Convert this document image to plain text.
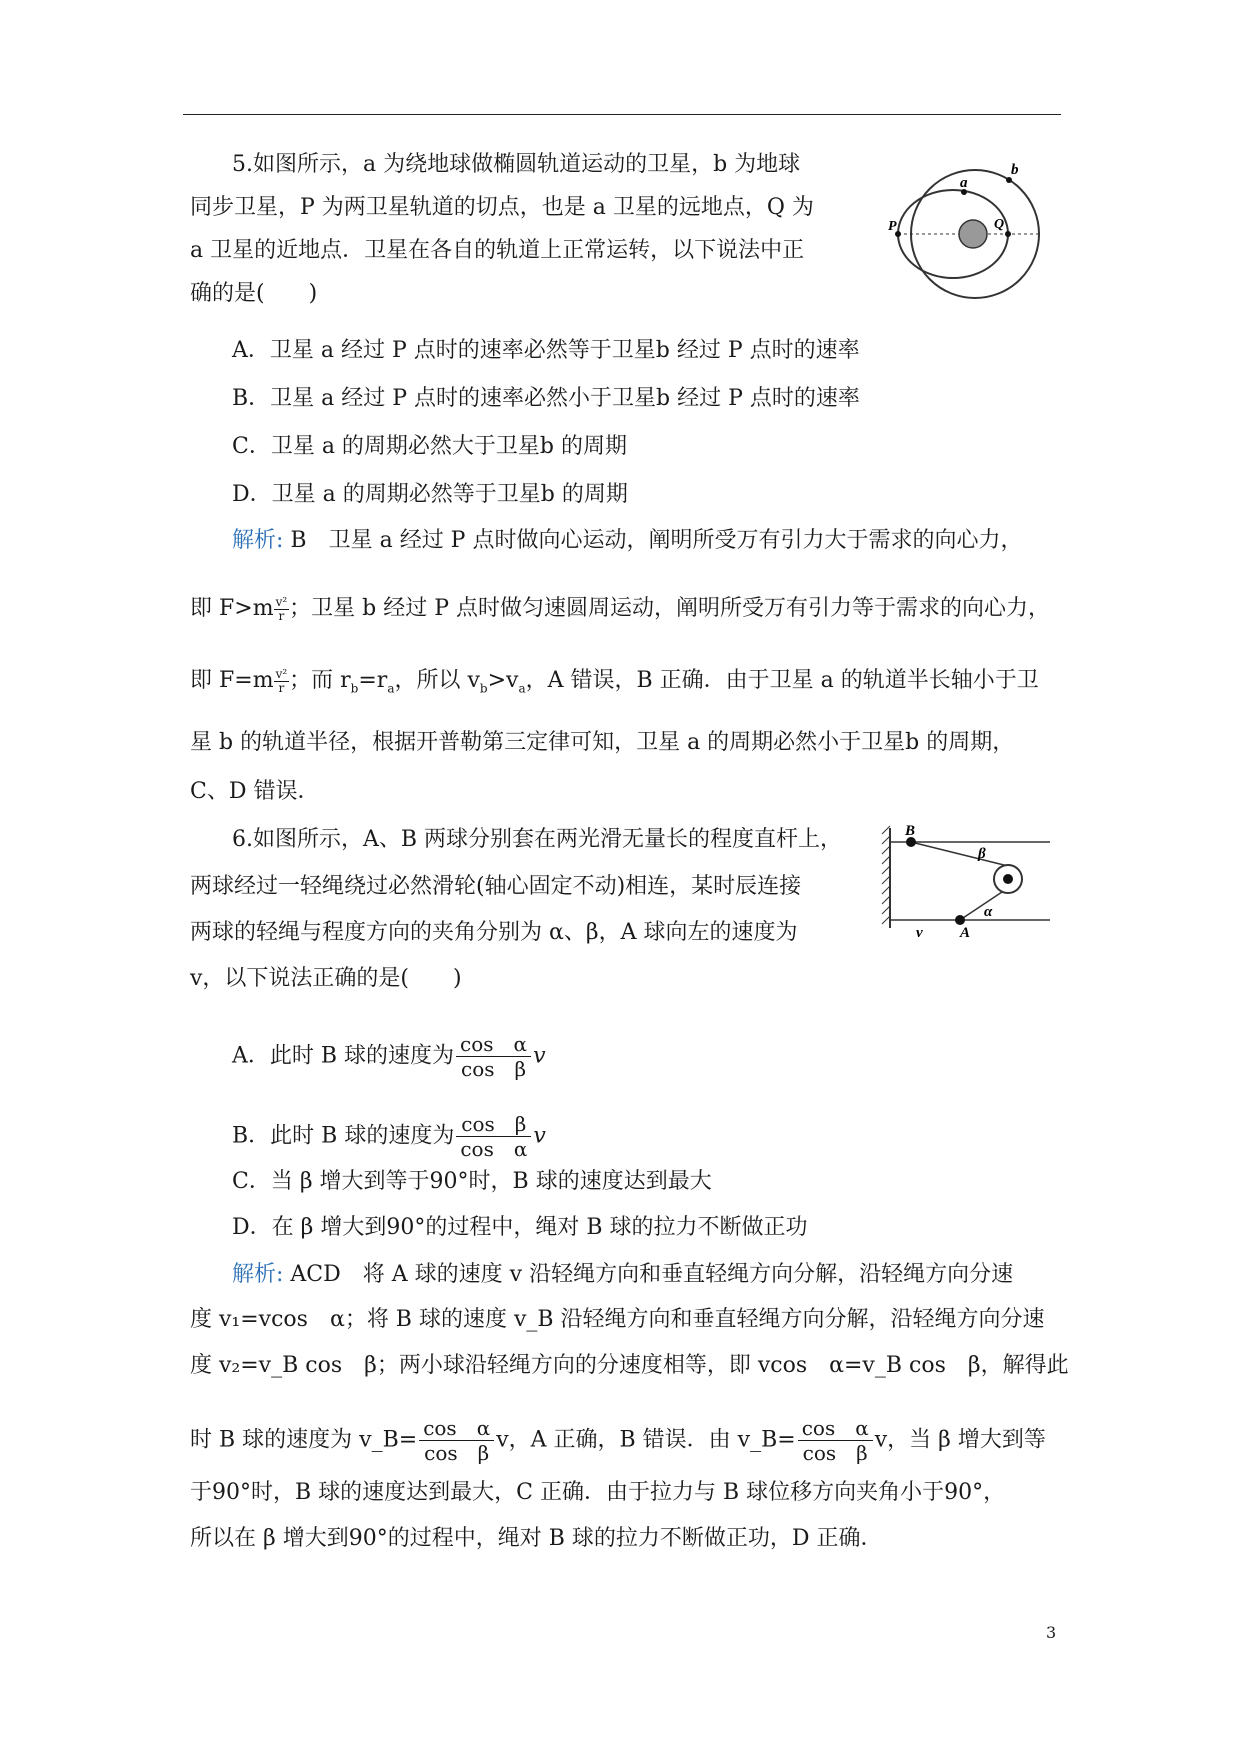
5.如图所示，a 为绕地球做椭圆轨道运动的卫星，b 为地球
同步卫星，P 为两卫星轨道的切点，也是 a 卫星的远地点，Q 为
a 卫星的近地点．卫星在各自的轨道上正常运转，以下说法中正
确的是(　　)
a
b
P	Q
A．卫星 a 经过 P 点时的速率必然等于卫星b 经过 P 点时的速率
B．卫星 a 经过 P 点时的速率必然小于卫星b 经过 P 点时的速率
C．卫星 a 的周期必然大于卫星b 的周期
D．卫星 a 的周期必然等于卫星b 的周期
解析: B　卫星 a 经过 P 点时做向心运动，阐明所受万有引力大于需求的向心力，
即 $F>m \frac{\text{v²}}{r}$ ；卫星 b 经过 P 点时做匀速圆周运动，阐明所受万有引力等于需求的向心力，
即 $F=m \frac{\text{v²}}{r}$ ；而 $r_b=r_a$，所以 $v_b>v_a$，A 错误，B 正确．由于卫星 a 的轨道半长轴小于卫
星 b 的轨道半径，根据开普勒第三定律可知，卫星 a 的周期必然小于卫星b 的周期，
C、D 错误．
6.如图所示，A、B 两球分别套在两光滑无量长的程度直杆上，
两球经过一轻绳绕过必然滑轮(轴心固定不动)相连，某时辰连接
两球的轻绳与程度方向的夹角分别为 α、β，A 球向左的速度为
v，以下说法正确的是(　　)
B
β
α
A
v
A．此时 B 球的速度为 $\frac{\text{cos　α}}{\text{cos　β}}$ v
B．此时 B 球的速度为 $\frac{\text{cos　β}}{\text{cos　α}}$ v
C．当 β 增大到等于90°时，B 球的速度达到最大
D．在 β 增大到90°的过程中，绳对 B 球的拉力不断做正功
解析: ACD　将 A 球的速度 v 沿轻绳方向和垂直轻绳方向分解，沿轻绳方向分速
度 v₁=vcos　α；将 B 球的速度 v_B 沿轻绳方向和垂直轻绳方向分解，沿轻绳方向分速
度 v₂=v_B cos　β；两小球沿轻绳方向的分速度相等，即 vcos　α=v_B cos　β，解得此
时 B 球的速度为 v_B= $\frac{\text{cos　α}}{\text{cos　β}}$ v，A 正确，B 错误．由 v_B= $\frac{\text{cos　α}}{\text{cos　β}}$ v，当 β 增大到等
于90°时，B 球的速度达到最大，C 正确．由于拉力与 B 球位移方向夹角小于90°，
所以在 β 增大到90°的过程中，绳对 B 球的拉力不断做正功，D 正确．
3
